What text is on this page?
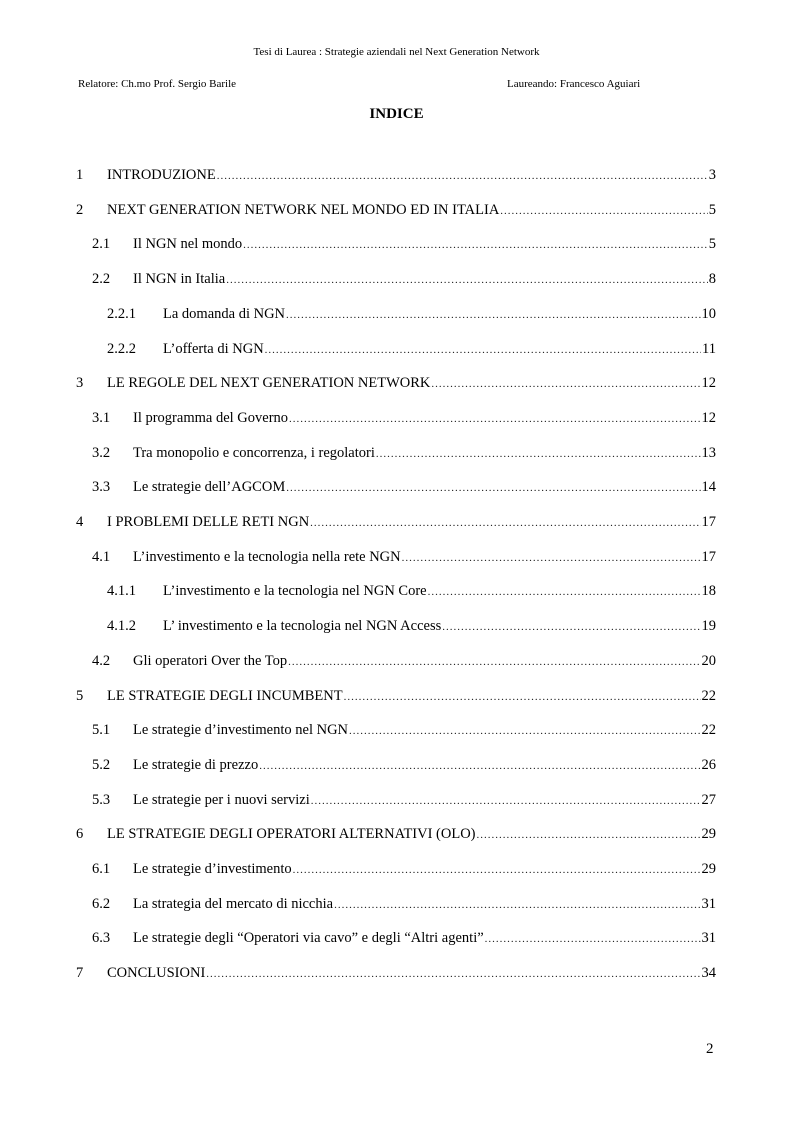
Tesi di Laurea : Strategie aziendali nel Next Generation Network
Relatore: Ch.mo Prof. Sergio Barile	Laureando: Francesco Aguiari
INDICE
1	INTRODUZIONE .....	3
2	NEXT GENERATION NETWORK NEL MONDO ED IN ITALIA .....	5
2.1	Il NGN nel mondo .....	5
2.2	Il NGN in Italia .....	8
2.2.1	La domanda di NGN .....	10
2.2.2	L’offerta di NGN .....	11
3	LE REGOLE DEL NEXT GENERATION NETWORK .....	12
3.1	Il programma del Governo .....	12
3.2	Tra monopolio e concorrenza, i regolatori .....	13
3.3	Le strategie dell’AGCOM .....	14
4	I PROBLEMI DELLE RETI NGN .....	17
4.1	L’investimento e la tecnologia nella rete NGN .....	17
4.1.1	L’investimento e la tecnologia nel NGN Core .....	18
4.1.2	L’ investimento e la tecnologia nel NGN Access .....	19
4.2	Gli operatori Over the Top .....	20
5	LE STRATEGIE DEGLI INCUMBENT .....	22
5.1	Le strategie d’investimento nel NGN .....	22
5.2	Le strategie di prezzo .....	26
5.3	Le strategie per i nuovi servizi .....	27
6	LE STRATEGIE DEGLI OPERATORI ALTERNATIVI (OLO) .....	29
6.1	Le strategie d’investimento .....	29
6.2	La strategia del mercato di nicchia .....	31
6.3	Le strategie degli “Operatori via cavo” e degli “Altri agenti” .....	31
7	CONCLUSIONI .....	34
2
